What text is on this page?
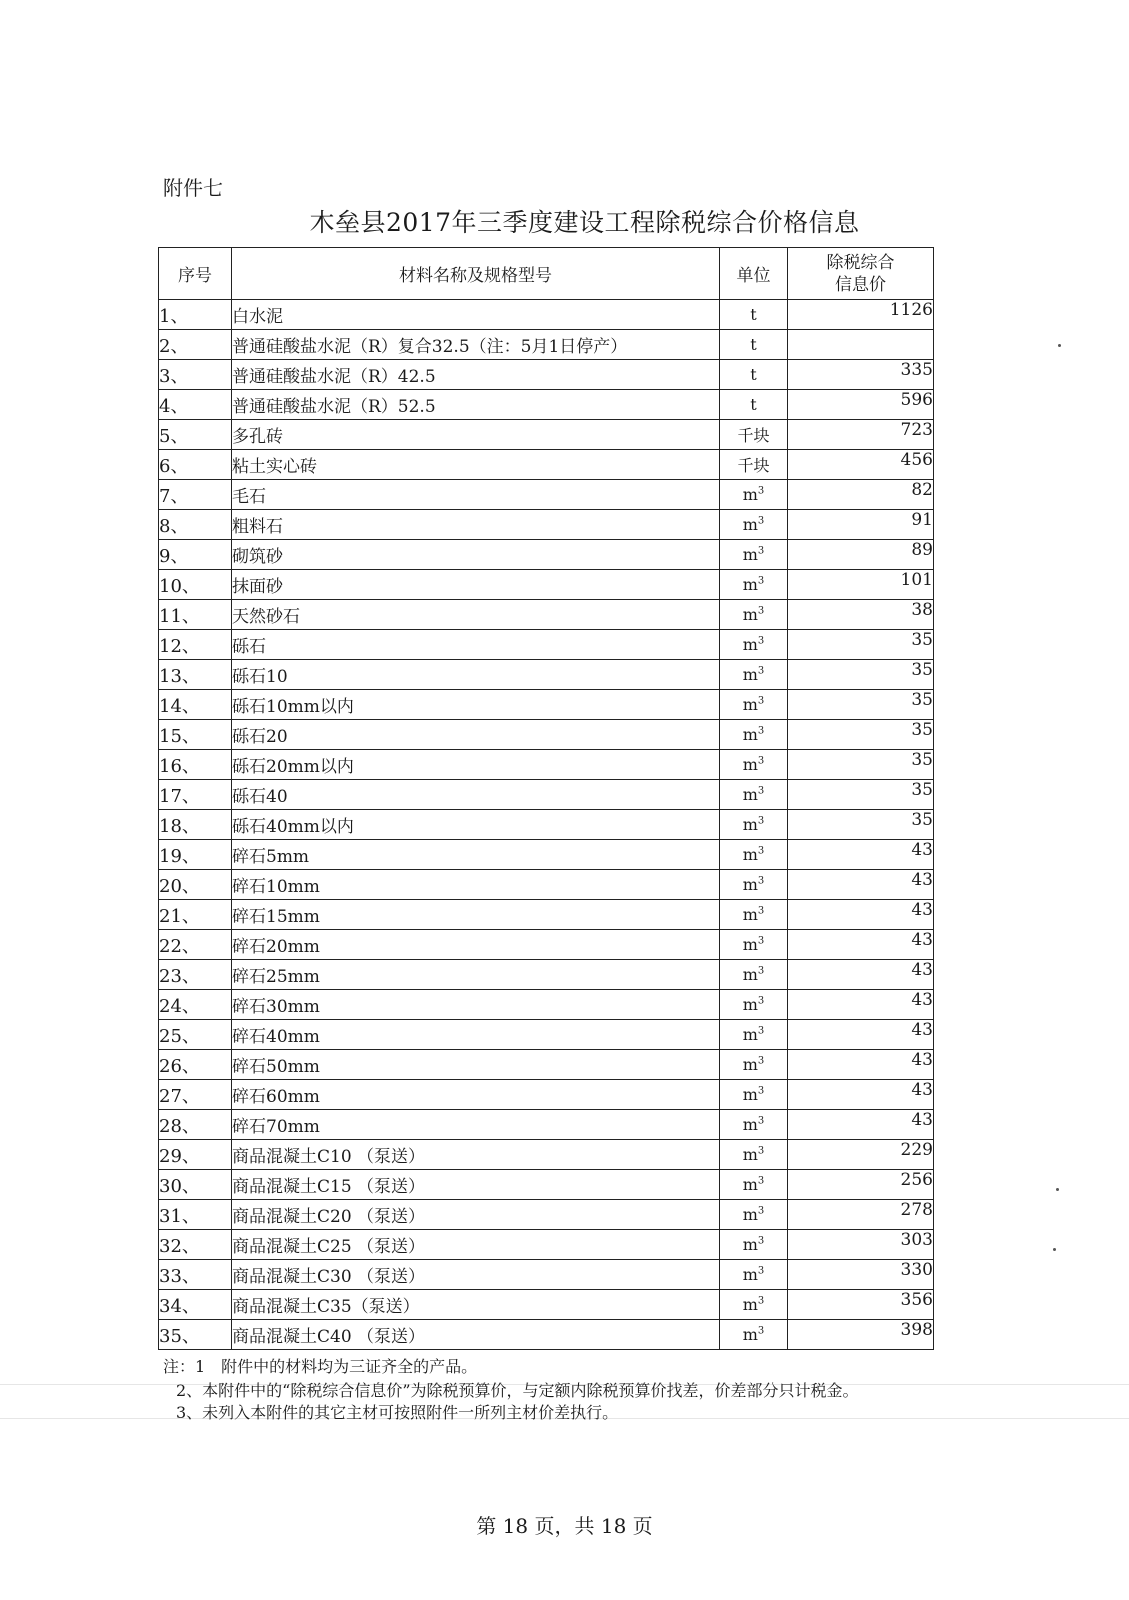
附件七
木垒县2017年三季度建设工程除税综合价格信息
序号	材料名称及规格型号	单位	除税综合
信息价

1、	白水泥	t	1126
2、	普通硅酸盐水泥（R）复合32.5（注：5月1日停产）	t	
3、	普通硅酸盐水泥（R）42.5	t	335
4、	普通硅酸盐水泥（R）52.5	t	596
5、	多孔砖	千块	723
6、	粘土实心砖	千块	456
7、	毛石	$m^3$	82
8、	粗料石	$m^3$	91
9、	砌筑砂	$m^3$	89
10、	抹面砂	$m^3$	101
11、	天然砂石	$m^3$	38
12、	砾石	$m^3$	35
13、	砾石10	$m^3$	35
14、	砾石10mm以内	$m^3$	35
15、	砾石20	$m^3$	35
16、	砾石20mm以内	$m^3$	35
17、	砾石40	$m^3$	35
18、	砾石40mm以内	$m^3$	35
19、	碎石5mm	$m^3$	43
20、	碎石10mm	$m^3$	43
21、	碎石15mm	$m^3$	43
22、	碎石20mm	$m^3$	43
23、	碎石25mm	$m^3$	43
24、	碎石30mm	$m^3$	43
25、	碎石40mm	$m^3$	43
26、	碎石50mm	$m^3$	43
27、	碎石60mm	$m^3$	43
28、	碎石70mm	$m^3$	43
29、	商品混凝土C10 （泵送）	$m^3$	229
30、	商品混凝土C15 （泵送）	$m^3$	256
31、	商品混凝土C20 （泵送）	$m^3$	278
32、	商品混凝土C25 （泵送）	$m^3$	303
33、	商品混凝土C30 （泵送）	$m^3$	330
34、	商品混凝土C35（泵送）	$m^3$	356
35、	商品混凝土C40 （泵送）	$m^3$	398

注：1　附件中的材料均为三证齐全的产品。

2、本附件中的“除税综合信息价”为除税预算价，与定额内除税预算价找差，价差部分只计税金。

3、未列入本附件的其它主材可按照附件一所列主材价差执行。

第 18 页，共 18 页
